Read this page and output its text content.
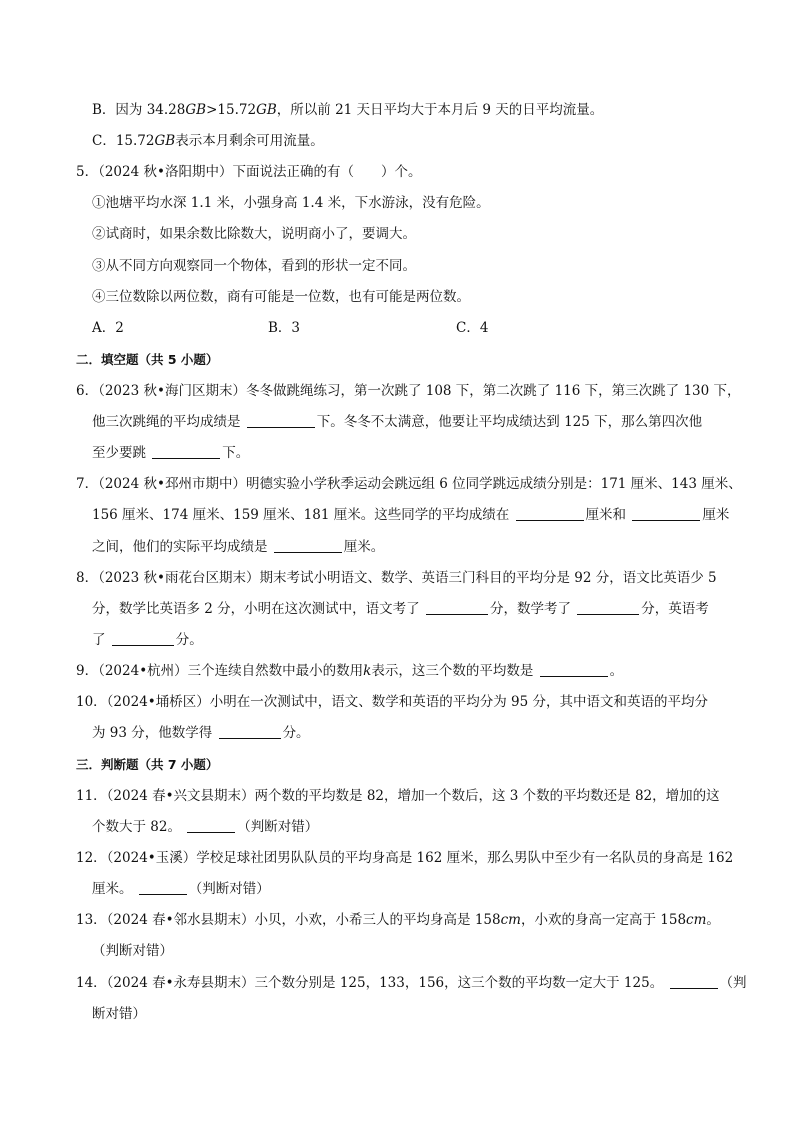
B．因为 34.28GB>15.72GB，所以前 21 天日平均大于本月后 9 天的日平均流量。
C．15.72GB表示本月剩余可用流量。
5．（2024 秋•洛阳期中）下面说法正确的有（　　）个。
①池塘平均水深 1.1 米，小强身高 1.4 米，下水游泳，没有危险。
②试商时，如果余数比除数大，说明商小了，要调大。
③从不同方向观察同一个物体，看到的形状一定不同。
④三位数除以两位数，商有可能是一位数，也有可能是两位数。
A．2	B．3	C．4
二．填空题（共 5 小题）
6．（2023 秋•海门区期末）冬冬做跳绳练习，第一次跳了 108 下，第二次跳了 116 下，第三次跳了 130 下，
他三次跳绳的平均成绩是	下。冬冬不太满意，他要让平均成绩达到 125 下，那么第四次他
至少要跳	下。
7．（2024 秋•邳州市期中）明德实验小学秋季运动会跳远组 6 位同学跳远成绩分别是：171 厘米、143 厘米、
156 厘米、174 厘米、159 厘米、181 厘米。这些同学的平均成绩在	厘米和	厘米
之间，他们的实际平均成绩是	厘米。
8．（2023 秋•雨花台区期末）期末考试小明语文、数学、英语三门科目的平均分是 92 分，语文比英语少 5
分，数学比英语多 2 分，小明在这次测试中，语文考了	分，数学考了	分，英语考
了	分。
9．（2024•杭州）三个连续自然数中最小的数用k表示，这三个数的平均数是	。
10．（2024•埇桥区）小明在一次测试中，语文、数学和英语的平均分为 95 分，其中语文和英语的平均分
为 93 分，他数学得	分。
三．判断题（共 7 小题）
11．（2024 春•兴文县期末）两个数的平均数是 82，增加一个数后，这 3 个数的平均数还是 82，增加的这
个数大于 82。	（判断对错）
12．（2024•玉溪）学校足球社团男队队员的平均身高是 162 厘米，那么男队中至少有一名队员的身高是 162
厘米。	（判断对错）
13．（2024 春•邻水县期末）小贝，小欢，小希三人的平均身高是 158cm，小欢的身高一定高于 158cm。
（判断对错）
14．（2024 春•永寿县期末）三个数分别是 125，133，156，这三个数的平均数一定大于 125。	（判
断对错）
